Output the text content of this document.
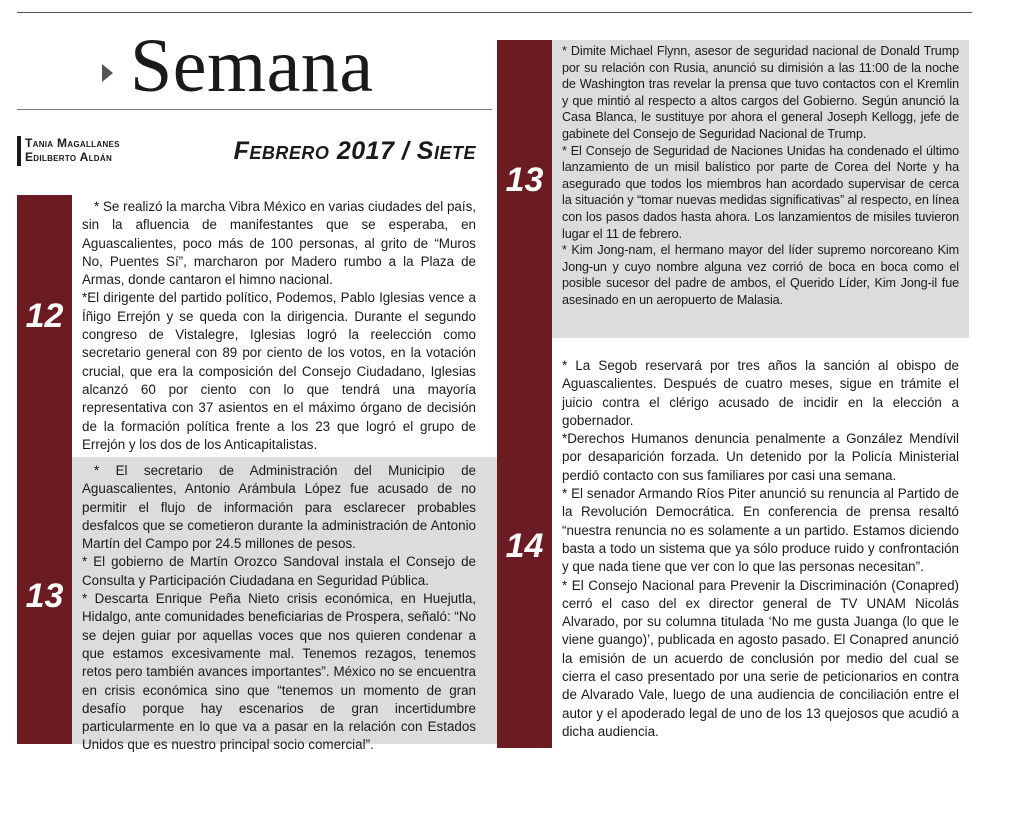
Semana
Tania Magallanes
Edilberto Aldán	Febrero 2017 / Siete
12

* Se realizó la marcha Vibra México en varias ciudades del país, sin la afluencia de manifestantes que se esperaba, en Aguascalientes, poco más de 100 personas, al grito de “Muros No, Puentes Sí”, marcharon por Madero rumbo a la Plaza de Armas, donde cantaron el himno nacional.

*El dirigente del partido político, Podemos, Pablo Iglesias vence a Íñigo Errejón y se queda con la dirigencia. Durante el segundo congreso de Vistalegre, Iglesias logró la reelección como secretario general con 89 por ciento de los votos, en la votación crucial, que era la composición del Consejo Ciudadano, Iglesias alcanzó 60 por ciento con lo que tendrá una mayoría representativa con 37 asientos en el máximo órgano de decisión de la formación política frente a los 23 que logró el grupo de Errejón y los dos de los Anticapitalistas.

13

* El secretario de Administración del Municipio de Aguascalientes, Antonio Arámbula López fue acusado de no permitir el flujo de información para esclarecer probables desfalcos que se cometieron durante la administración de Antonio Martín del Campo por 24.5 millones de pesos.

* El gobierno de Martín Orozco Sandoval instala el Consejo de Consulta y Participación Ciudadana en Seguridad Pública.

* Descarta Enrique Peña Nieto crisis económica, en Huejutla, Hidalgo, ante comunidades beneficiarias de Prospera, señaló: “No se dejen guiar por aquellas voces que nos quieren condenar a que estamos excesivamente mal. Tenemos rezagos, tenemos retos pero también avances importantes”. México no se encuentra en crisis económica sino que “tenemos un momento de gran desafío porque hay escenarios de gran incertidumbre particularmente en lo que va a pasar en la relación con Estados Unidos que es nuestro principal socio comercial”.

13

* Dimite Michael Flynn, asesor de seguridad nacional de Donald Trump por su relación con Rusia, anunció su dimisión a las 11:00 de la noche de Washington tras revelar la prensa que tuvo contactos con el Kremlin y que mintió al respecto a altos cargos del Gobierno. Según anunció la Casa Blanca, le sustituye por ahora el general Joseph Kellogg, jefe de gabinete del Consejo de Seguridad Nacional de Trump.

* El Consejo de Seguridad de Naciones Unidas ha condenado el último lanzamiento de un misil balístico por parte de Corea del Norte y ha asegurado que todos los miembros han acordado supervisar de cerca la situación y “tomar nuevas medidas significativas” al respecto, en línea con los pasos dados hasta ahora. Los lanzamientos de misiles tuvieron lugar el 11 de febrero.

* Kim Jong-nam, el hermano mayor del líder supremo norcoreano Kim Jong-un y cuyo nombre alguna vez corrió de boca en boca como el posible sucesor del padre de ambos, el Querido Líder, Kim Jong-il fue asesinado en un aeropuerto de Malasia.

14

* La Segob reservará por tres años la sanción al obispo de Aguascalientes. Después de cuatro meses, sigue en trámite el juicio contra el clérigo acusado de incidir en la elección a gobernador.

*Derechos Humanos denuncia penalmente a González Mendívil por desaparición forzada. Un detenido por la Policía Ministerial perdió contacto con sus familiares por casi una semana.

* El senador Armando Ríos Piter anunció su renuncia al Partido de la Revolución Democrática. En conferencia de prensa resaltó “nuestra renuncia no es solamente a un partido. Estamos diciendo basta a todo un sistema que ya sólo produce ruido y confrontación y que nada tiene que ver con lo que las personas necesitan”.

* El Consejo Nacional para Prevenir la Discriminación (Conapred) cerró el caso del ex director general de TV UNAM Nicolás Alvarado, por su columna titulada ‘No me gusta Juanga (lo que le viene guango)’, publicada en agosto pasado. El Conapred anunció la emisión de un acuerdo de conclusión por medio del cual se cierra el caso presentado por una serie de peticionarios en contra de Alvarado Vale, luego de una audiencia de conciliación entre el autor y el apoderado legal de uno de los 13 quejosos que acudió a dicha audiencia.
